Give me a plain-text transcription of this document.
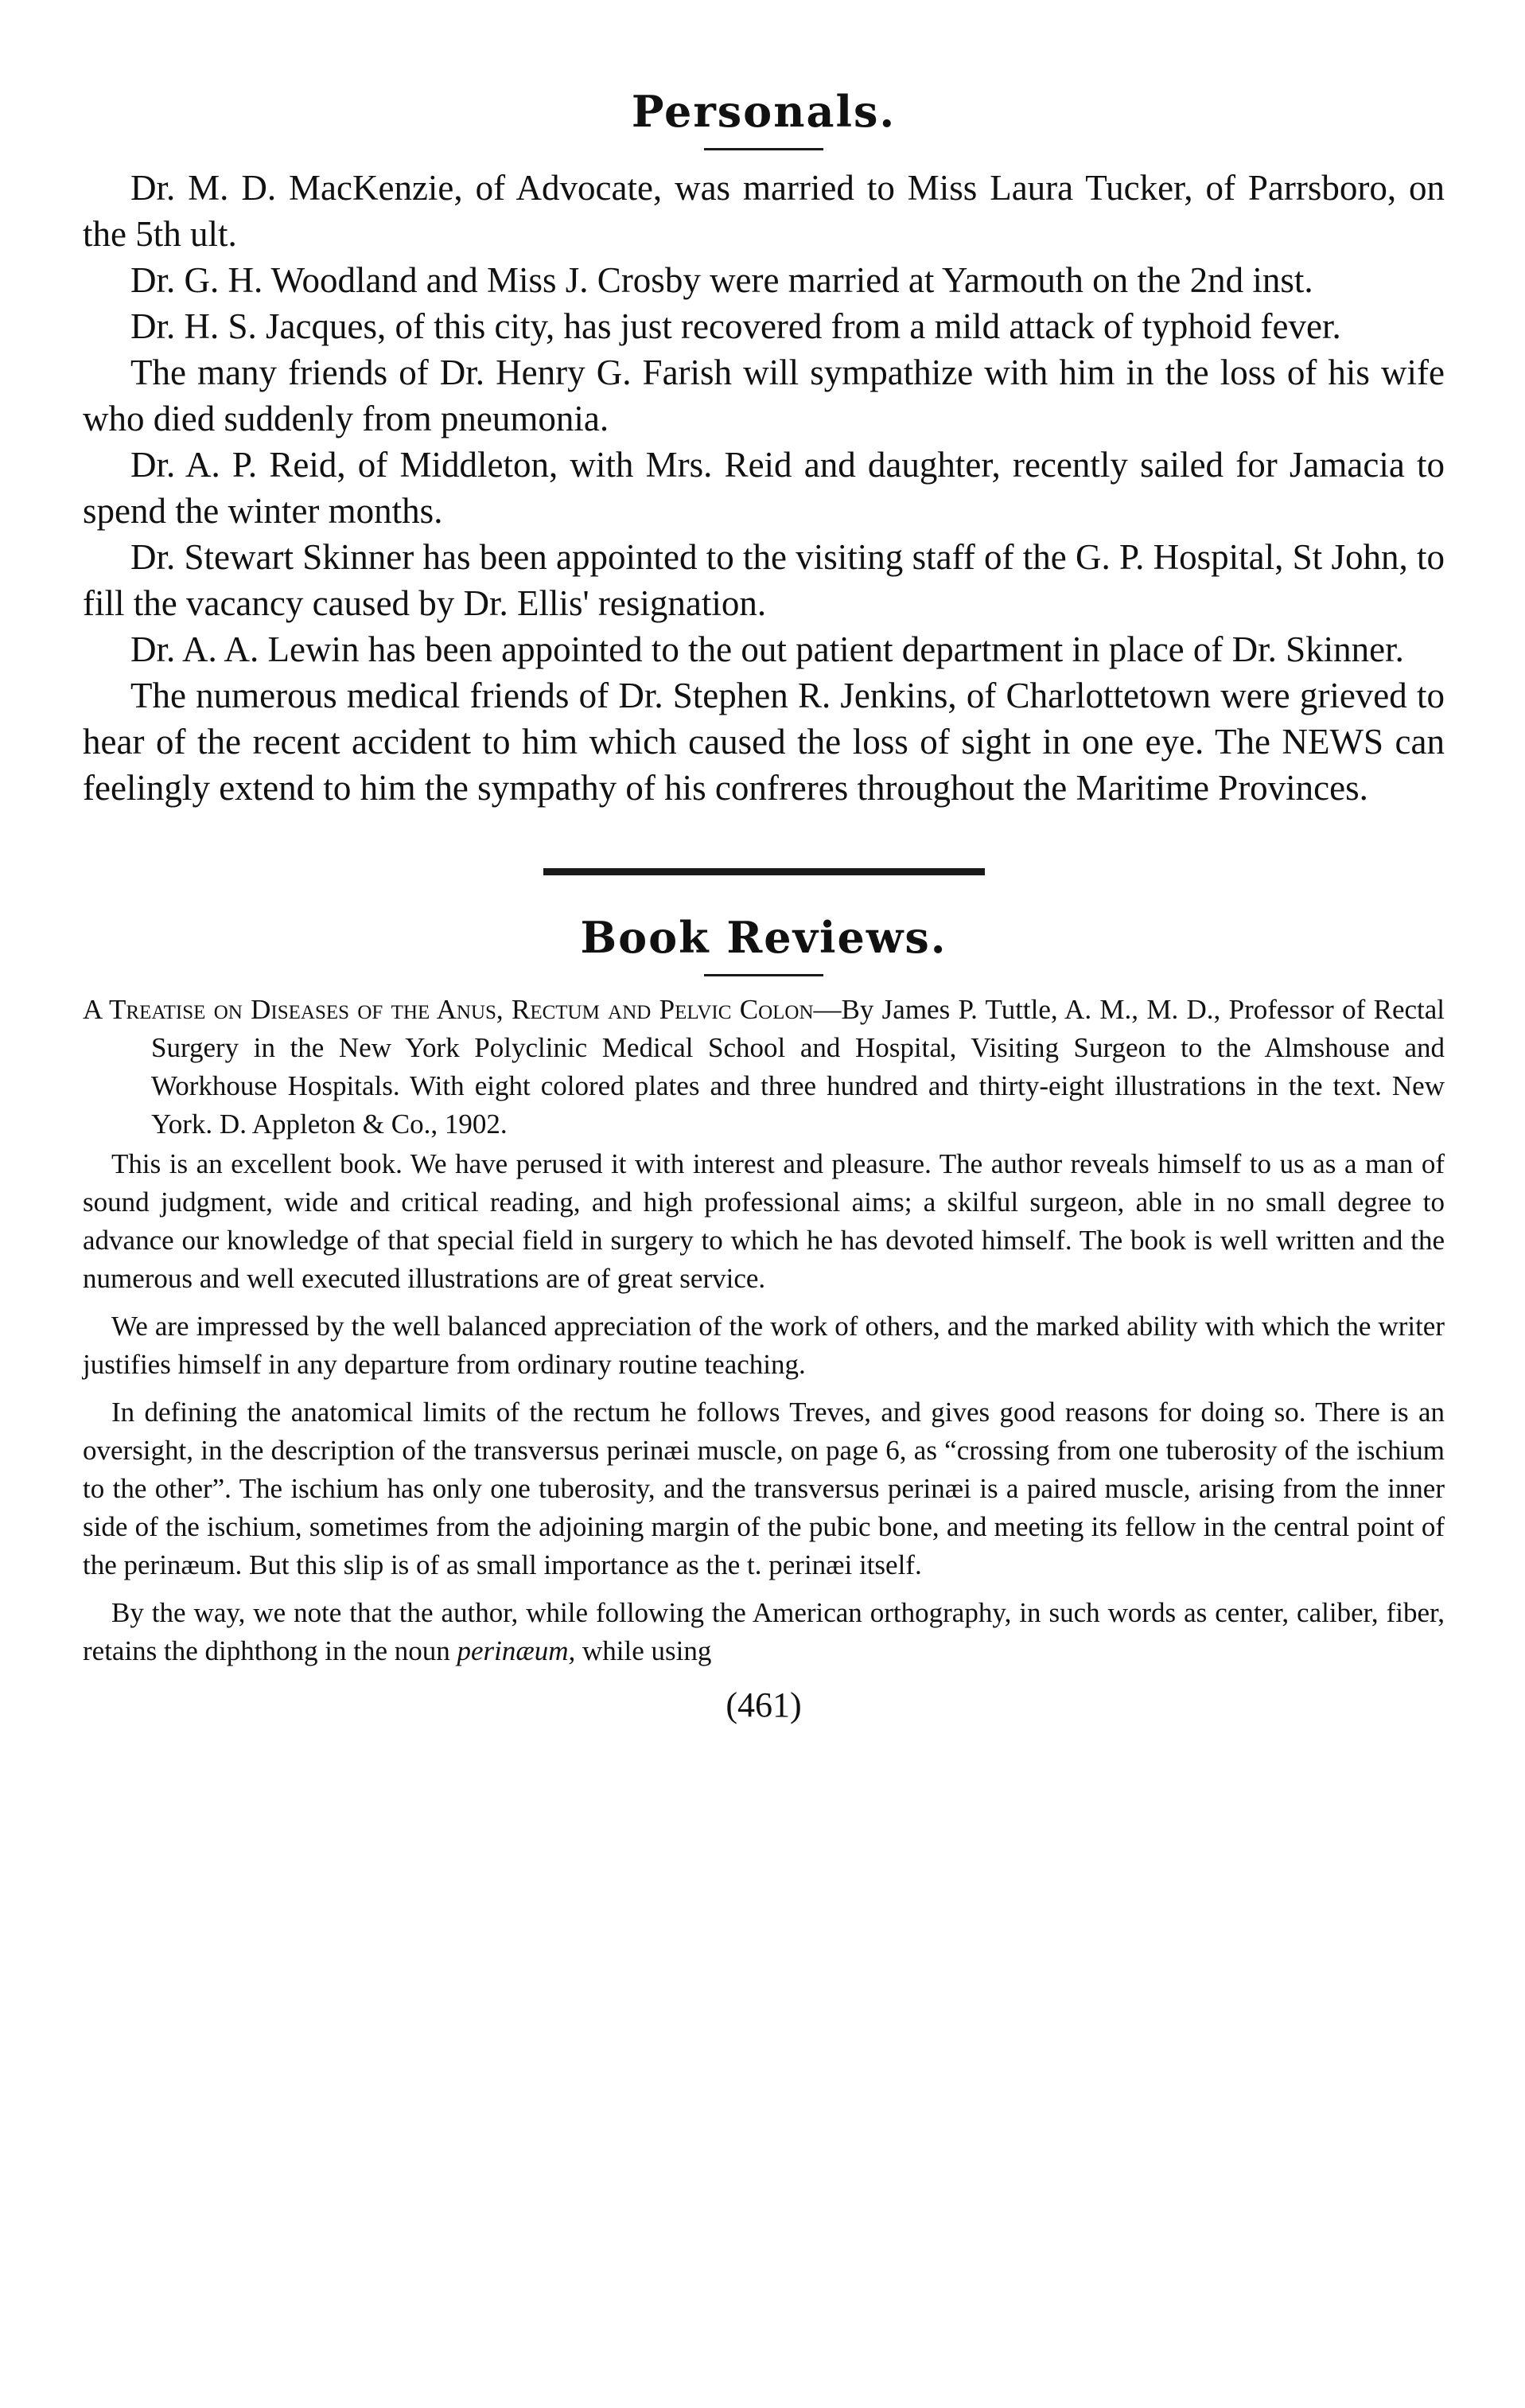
Personals.

Dr. M. D. MacKenzie, of Advocate, was married to Miss Laura Tucker, of Parrsboro, on the 5th ult.

Dr. G. H. Woodland and Miss J. Crosby were married at Yarmouth on the 2nd inst.

Dr. H. S. Jacques, of this city, has just recovered from a mild attack of typhoid fever.

The many friends of Dr. Henry G. Farish will sympathize with him in the loss of his wife who died suddenly from pneumonia.

Dr. A. P. Reid, of Middleton, with Mrs. Reid and daughter, recently sailed for Jamacia to spend the winter months.

Dr. Stewart Skinner has been appointed to the visiting staff of the G. P. Hospital, St John, to fill the vacancy caused by Dr. Ellis' resignation.

Dr. A. A. Lewin has been appointed to the out patient department in place of Dr. Skinner.

The numerous medical friends of Dr. Stephen R. Jenkins, of Charlottetown were grieved to hear of the recent accident to him which caused the loss of sight in one eye. The NEWS can feelingly extend to him the sympathy of his confreres throughout the Maritime Provinces.

Book Reviews.

A Treatise on Diseases of the Anus, Rectum and Pelvic Colon—By James P. Tuttle, A. M., M. D., Professor of Rectal Surgery in the New York Polyclinic Medical School and Hospital, Visiting Surgeon to the Almshouse and Workhouse Hospitals. With eight colored plates and three hundred and thirty-eight illustrations in the text. New York. D. Appleton & Co., 1902.

This is an excellent book. We have perused it with interest and pleasure. The author reveals himself to us as a man of sound judgment, wide and critical reading, and high professional aims; a skilful surgeon, able in no small degree to advance our knowledge of that special field in surgery to which he has devoted himself. The book is well written and the numerous and well executed illustrations are of great service.

We are impressed by the well balanced appreciation of the work of others, and the marked ability with which the writer justifies himself in any departure from ordinary routine teaching.

In defining the anatomical limits of the rectum he follows Treves, and gives good reasons for doing so. There is an oversight, in the description of the transversus perinæi muscle, on page 6, as “crossing from one tuberosity of the ischium to the other”. The ischium has only one tuberosity, and the transversus perinæi is a paired muscle, arising from the inner side of the ischium, sometimes from the adjoining margin of the pubic bone, and meeting its fellow in the central point of the perinæum. But this slip is of as small importance as the t. perinæi itself.

By the way, we note that the author, while following the American orthography, in such words as center, caliber, fiber, retains the diphthong in the noun perinæum, while using

(461)
